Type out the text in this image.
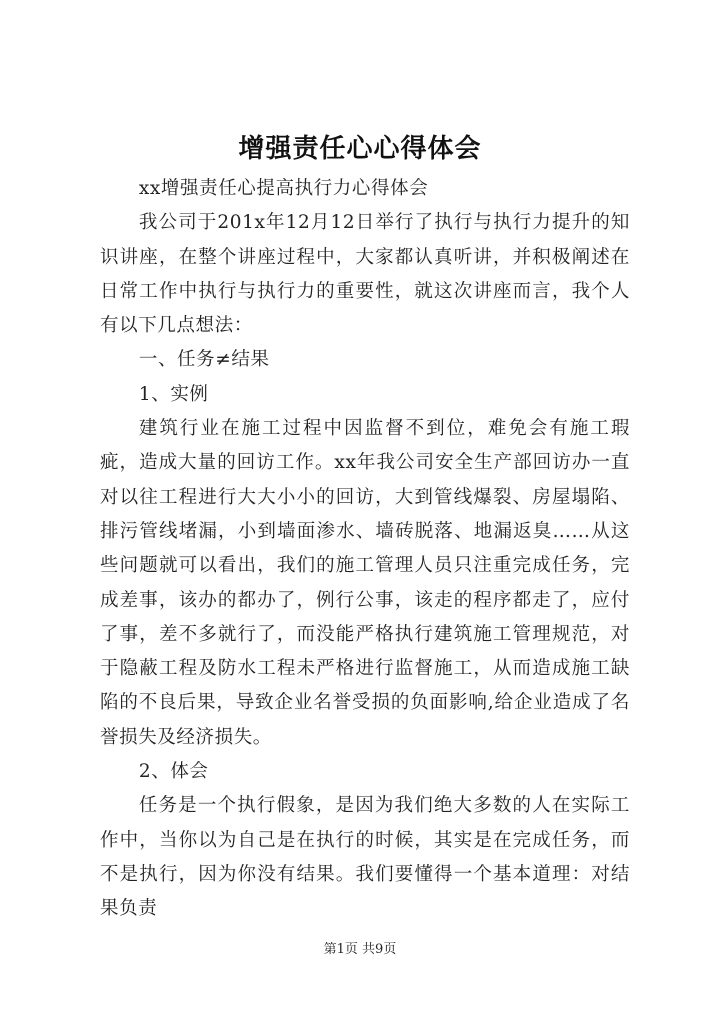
增强责任心心得体会

xx增强责任心提高执行力心得体会

我公司于201x年12月12日举行了执行与执行力提升的知识讲座，在整个讲座过程中，大家都认真听讲，并积极阐述在日常工作中执行与执行力的重要性，就这次讲座而言，我个人有以下几点想法：

一、任务≠结果

1、实例

建筑行业在施工过程中因监督不到位，难免会有施工瑕疵，造成大量的回访工作。xx年我公司安全生产部回访办一直对以往工程进行大大小小的回访，大到管线爆裂、房屋塌陷、排污管线堵漏，小到墙面渗水、墙砖脱落、地漏返臭……从这些问题就可以看出，我们的施工管理人员只注重完成任务，完成差事，该办的都办了，例行公事，该走的程序都走了，应付了事，差不多就行了，而没能严格执行建筑施工管理规范，对于隐蔽工程及防水工程未严格进行监督施工，从而造成施工缺陷的不良后果，导致企业名誉受损的负面影响,给企业造成了名誉损失及经济损失。

2、体会

任务是一个执行假象，是因为我们绝大多数的人在实际工作中，当你以为自己是在执行的时候，其实是在完成任务，而不是执行，因为你没有结果。我们要懂得一个基本道理：对结果负责

第1页 共9页
